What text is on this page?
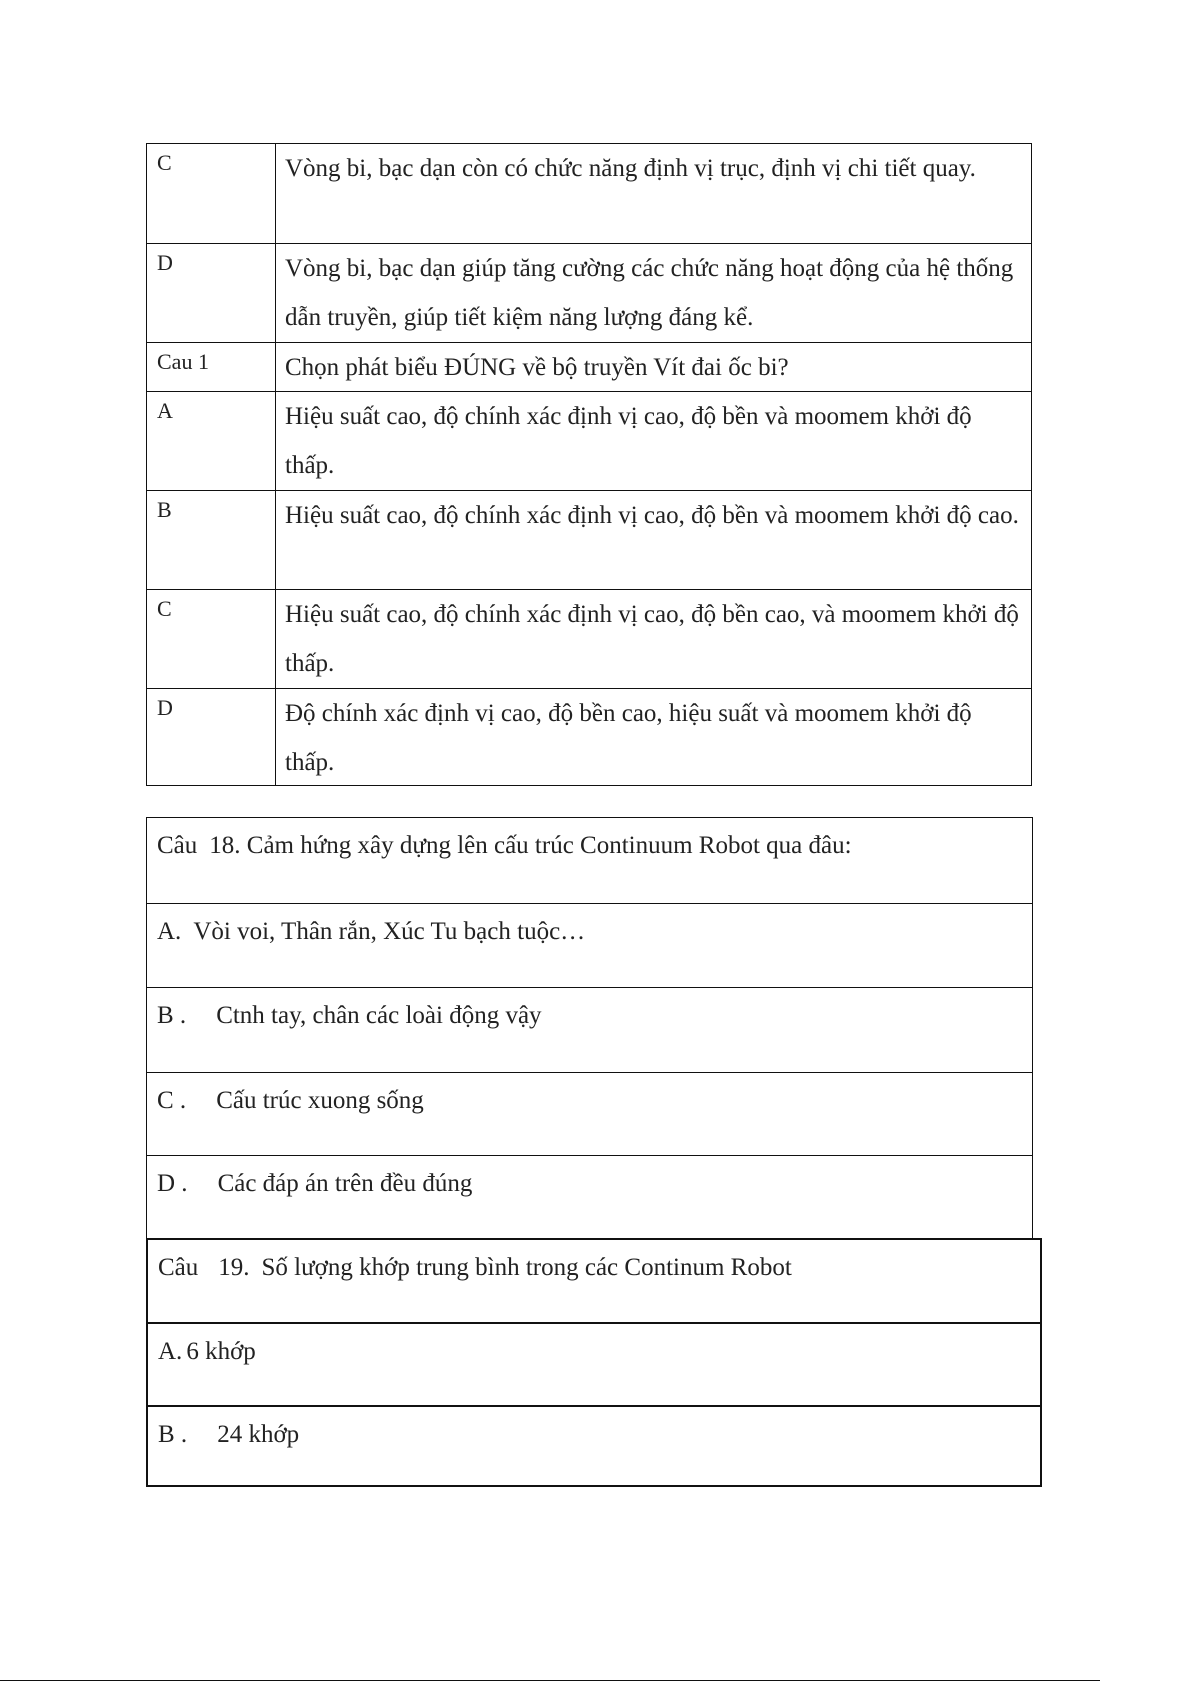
C	Vòng bi, bạc dạn còn có chức năng định vị trục, định vị chi tiết quay.
D	Vòng bi, bạc dạn giúp tăng cường các chức năng hoạt động của hệ thống dẫn truyền, giúp tiết kiệm năng lượng đáng kể.
Cau 1	Chọn phát biểu ĐÚNG về bộ truyền Vít đai ốc bi?
A	Hiệu suất cao, độ chính xác định vị cao, độ bền và moomem khởi độ thấp.
B	Hiệu suất cao, độ chính xác định vị cao, độ bền và moomem khởi độ cao.
C	Hiệu suất cao, độ chính xác định vị cao, độ bền cao, và moomem khởi độ thấp.
D	Độ chính xác định vị cao, độ bền cao, hiệu suất và moomem khởi độ thấp.
Câu 18. Cảm hứng xây dựng lên cấu trúc Continuum Robot qua đâu:
A. Vòi voi, Thân rắn, Xúc Tu bạch tuộc…
B . Ctnh tay, chân các loài động vậy
C . Cấu trúc xuong sống
D . Các đáp án trên đều đúng
Câu 19. Số lượng khớp trung bình trong các Continum Robot
A. 6 khớp
B . 24 khớp
